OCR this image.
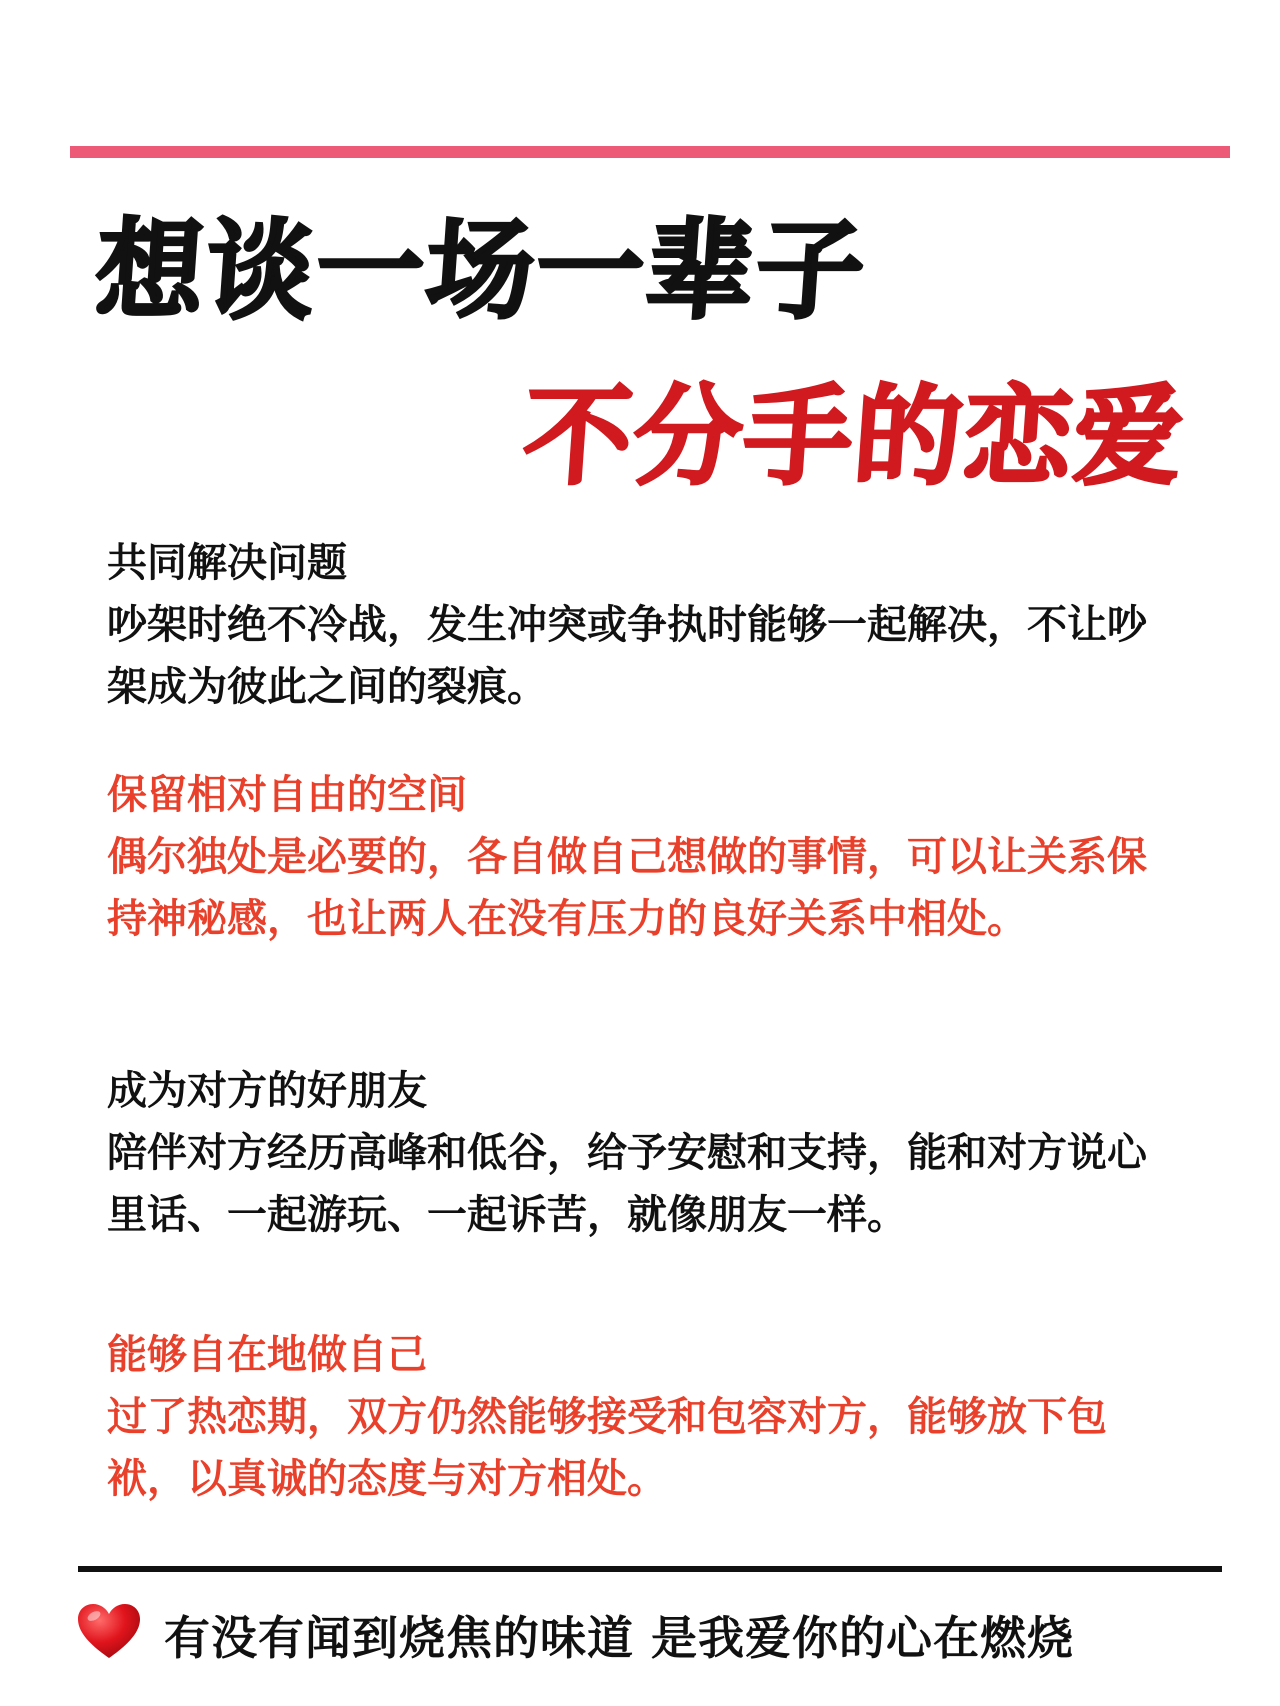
想谈一场一辈子
不分手的恋爱

共同解决问题

吵架时绝不冷战，发生冲突或争执时能够一起解决，不让吵架成为彼此之间的裂痕。

保留相对自由的空间

偶尔独处是必要的，各自做自己想做的事情，可以让关系保持神秘感，也让两人在没有压力的良好关系中相处。

成为对方的好朋友

陪伴对方经历高峰和低谷，给予安慰和支持，能和对方说心里话、一起游玩、一起诉苦，就像朋友一样。

能够自在地做自己

过了热恋期，双方仍然能够接受和包容对方，能够放下包袱，以真诚的态度与对方相处。

有没有闻到烧焦的味道 是我爱你的心在燃烧
